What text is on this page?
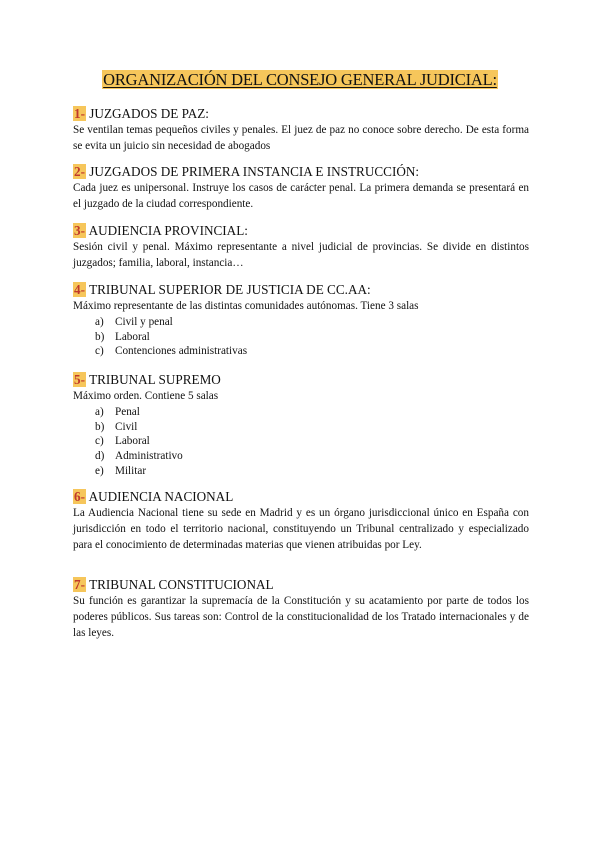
ORGANIZACIÓN DEL CONSEJO GENERAL JUDICIAL:
1- JUZGADOS DE PAZ:
Se ventilan temas pequeños civiles y penales. El juez de paz no conoce sobre derecho. De esta forma se evita un juicio sin necesidad de abogados
2- JUZGADOS DE PRIMERA INSTANCIA E INSTRUCCIÓN:
Cada juez es unipersonal. Instruye los casos de carácter penal. La primera demanda se presentará en el juzgado de la ciudad correspondiente.
3- AUDIENCIA PROVINCIAL:
Sesión civil y penal. Máximo representante a nivel judicial de provincias. Se divide en distintos juzgados; familia, laboral, instancia…
4- TRIBUNAL SUPERIOR DE JUSTICIA DE CC.AA:
Máximo representante de las distintas comunidades autónomas. Tiene 3 salas
a)	Civil y penal
b) Laboral
c)	Contenciones administrativas
5- TRIBUNAL SUPREMO
Máximo orden. Contiene 5 salas
a)	Penal
b) Civil
c)	Laboral
d) Administrativo
e)	Militar
6- AUDIENCIA NACIONAL
La Audiencia Nacional tiene su sede en Madrid y es un órgano jurisdiccional único en España con jurisdicción en todo el territorio nacional, constituyendo un Tribunal centralizado y especializado para el conocimiento de determinadas materias que vienen atribuidas por Ley.
7- TRIBUNAL CONSTITUCIONAL
Su función es garantizar la supremacía de la Constitución y su acatamiento por parte de todos los poderes públicos. Sus tareas son: Control de la constitucionalidad de los Tratado internacionales y de las leyes.
